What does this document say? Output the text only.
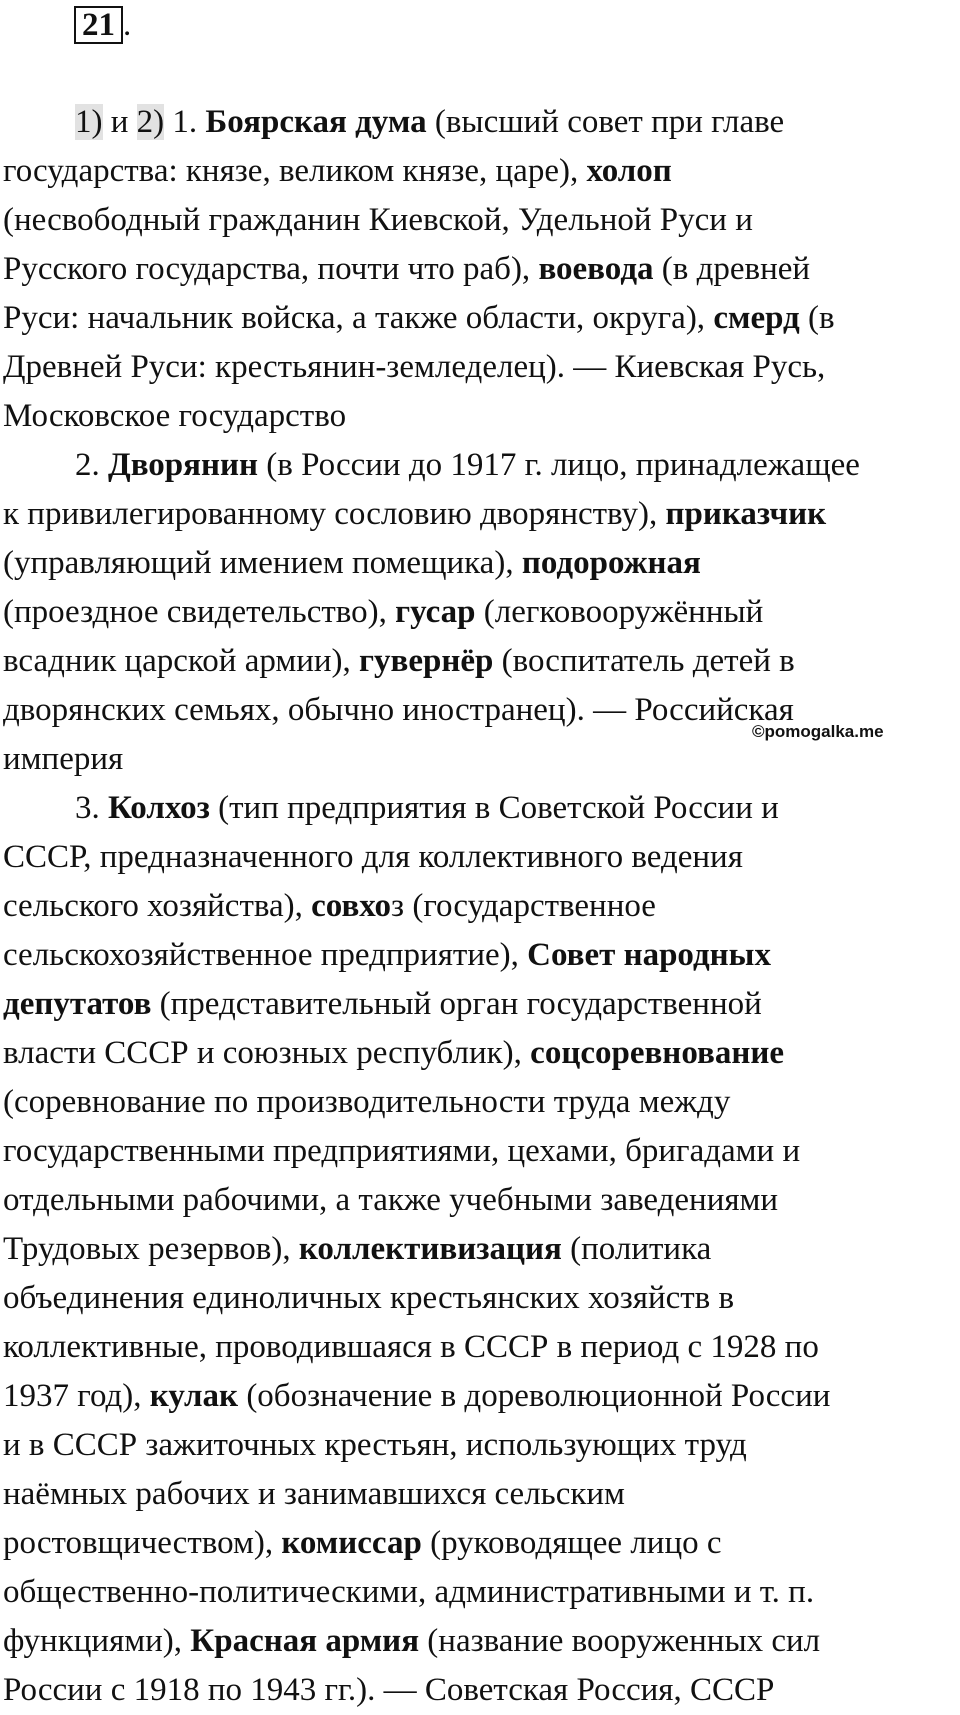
21 .
1) и 2) 1. Боярская дума (высший совет при главе
государства: князе, великом князе, царе), холоп
(несвободный гражданин Киевской, Удельной Руси и
Русского государства, почти что раб), воевода (в древней
Руси: начальник войска, а также области, округа), смерд (в
Древней Руси: крестьянин-земледелец). — Киевская Русь,
Московское государство
2. Дворянин (в России до 1917 г. лицо, принадлежащее
к привилегированному сословию дворянству), приказчик
(управляющий имением помещика), подорожная
(проездное свидетельство), гусар (легковооружённый
всадник царской армии), гувернёр (воспитатель детей в
дворянских семьях, обычно иностранец). — Российская
империя
3. Колхоз (тип предприятия в Советской России и
СССР, предназначенного для коллективного ведения
сельского хозяйства), совхоз (государственное
сельскохозяйственное предприятие), Совет народных
депутатов (представительный орган государственной
власти СССР и союзных республик), соцсоревнование
(соревнование по производительности труда между
государственными предприятиями, цехами, бригадами и
отдельными рабочими, а также учебными заведениями
Трудовых резервов), коллективизация (политика
объединения единоличных крестьянских хозяйств в
коллективные, проводившаяся в СССР в период с 1928 по
1937 год), кулак (обозначение в дореволюционной России
и в СССР зажиточных крестьян, использующих труд
наёмных рабочих и занимавшихся сельским
ростовщичеством), комиссар (руководящее лицо с
общественно-политическими, административными и т. п.
функциями), Красная армия (название вооруженных сил
России с 1918 по 1943 гг.). — Советская Россия, СССР
©pomogalka.me
